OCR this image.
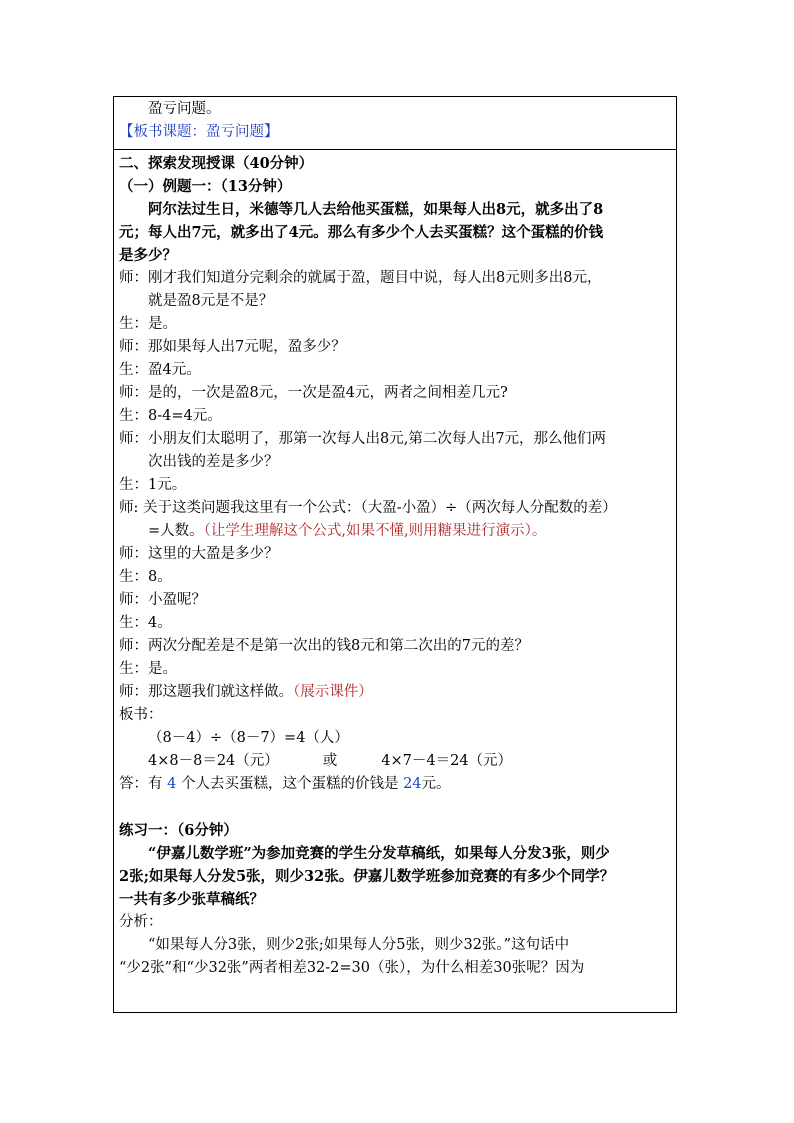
盈亏问题。
【板书课题：盈亏问题】
二、探索发现授课（40分钟）
（一）例题一：（13分钟）
阿尔法过生日，米德等几人去给他买蛋糕，如果每人出8元，就多出了8
元；每人出7元，就多出了4元。那么有多少个人去买蛋糕？这个蛋糕的价钱
是多少？
师：刚才我们知道分完剩余的就属于盈，题目中说，每人出8元则多出8元，
就是盈8元是不是？
生：是。
师：那如果每人出7元呢，盈多少？
生：盈4元。
师：是的，一次是盈8元，一次是盈4元，两者之间相差几元?
生：8-4=4元。
师：小朋友们太聪明了，那第一次每人出8元,第二次每人出7元，那么他们两
次出钱的差是多少？
生：1元。
师: 关于这类问题我这里有一个公式：（大盈-小盈）÷（两次每人分配数的差）
=人数。（让学生理解这个公式,如果不懂,则用糖果进行演示）。
师：这里的大盈是多少？
生：8。
师：小盈呢？
生：4。
师：两次分配差是不是第一次出的钱8元和第二次出的7元的差？
生：是。
师：那这题我们就这样做。（展示课件）
板书：
（8－4）÷（8－7）=4（人）
4×8－8＝24（元）	或	4×7－4＝24（元）
答：有 4 个人去买蛋糕，这个蛋糕的价钱是 24元。
练习一：（6分钟）
“伊嘉儿数学班”为参加竞赛的学生分发草稿纸，如果每人分发3张，则少
2张;如果每人分发5张，则少32张。伊嘉儿数学班参加竞赛的有多少个同学？
一共有多少张草稿纸？
分析：
“如果每人分3张，则少2张;如果每人分5张，则少32张。”这句话中
“少2张”和“少32张”两者相差32-2=30（张），为什么相差30张呢？因为
